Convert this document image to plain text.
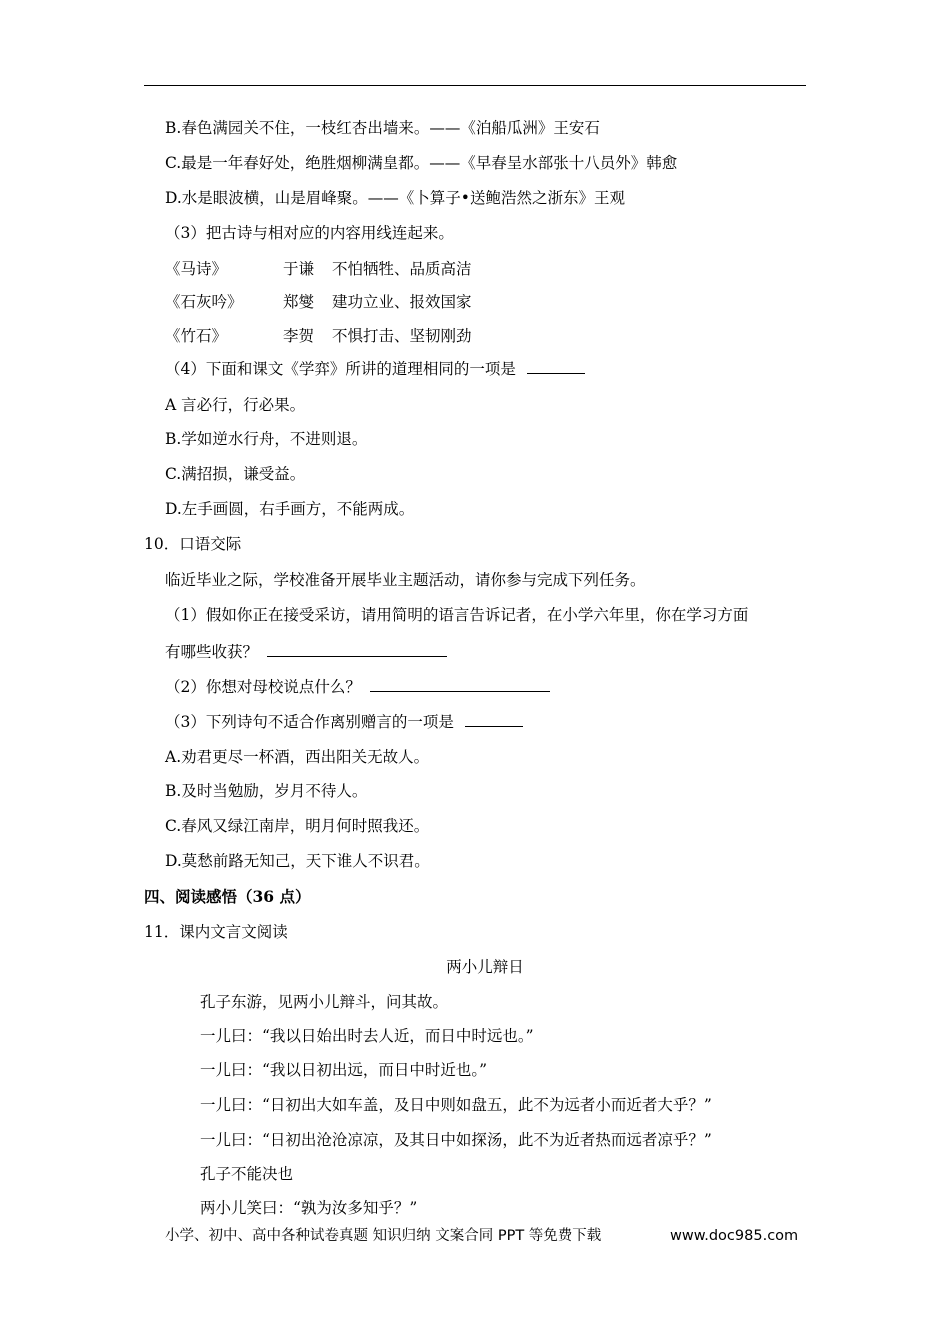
B.春色满园关不住，一枝红杏出墙来。——《泊船瓜洲》王安石
C.最是一年春好处，绝胜烟柳满皇都。——《早春呈水部张十八员外》韩愈
D.水是眼波横，山是眉峰聚。——《卜算子•送鲍浩然之浙东》王观
（3）把古诗与相对应的内容用线连起来。
《马诗》	于谦 不怕牺牲、品质高洁
《石灰吟》	郑燮 建功立业、报效国家
《竹石》	李贺 不惧打击、坚韧刚劲
（4）下面和课文《学弈》所讲的道理相同的一项是
A 言必行，行必果。
B.学如逆水行舟，不进则退。
C.满招损，谦受益。
D.左手画圆，右手画方，不能两成。
10．口语交际
临近毕业之际，学校准备开展毕业主题活动，请你参与完成下列任务。
（1）假如你正在接受采访，请用简明的语言告诉记者，在小学六年里，你在学习方面
有哪些收获？
（2）你想对母校说点什么？
（3）下列诗句不适合作离别赠言的一项是
A.劝君更尽一杯酒，西出阳关无故人。
B.及时当勉励，岁月不待人。
C.春风又绿江南岸，明月何时照我还。
D.莫愁前路无知己，天下谁人不识君。
四、阅读感悟（36 点）
11．课内文言文阅读
两小儿辩日
孔子东游，见两小儿辩斗，问其故。
一儿曰：“我以日始出时去人近，而日中时远也。”
一儿曰：“我以日初出远，而日中时近也。”
一儿曰：“日初出大如车盖，及日中则如盘五，此不为远者小而近者大乎？”
一儿曰：“日初出沧沧凉凉，及其日中如探汤，此不为近者热而远者凉乎？”
孔子不能决也
两小儿笑曰：“孰为汝多知乎？”
小学、初中、高中各种试卷真题 知识归纳 文案合同 PPT 等免费下载	www.doc985.com
